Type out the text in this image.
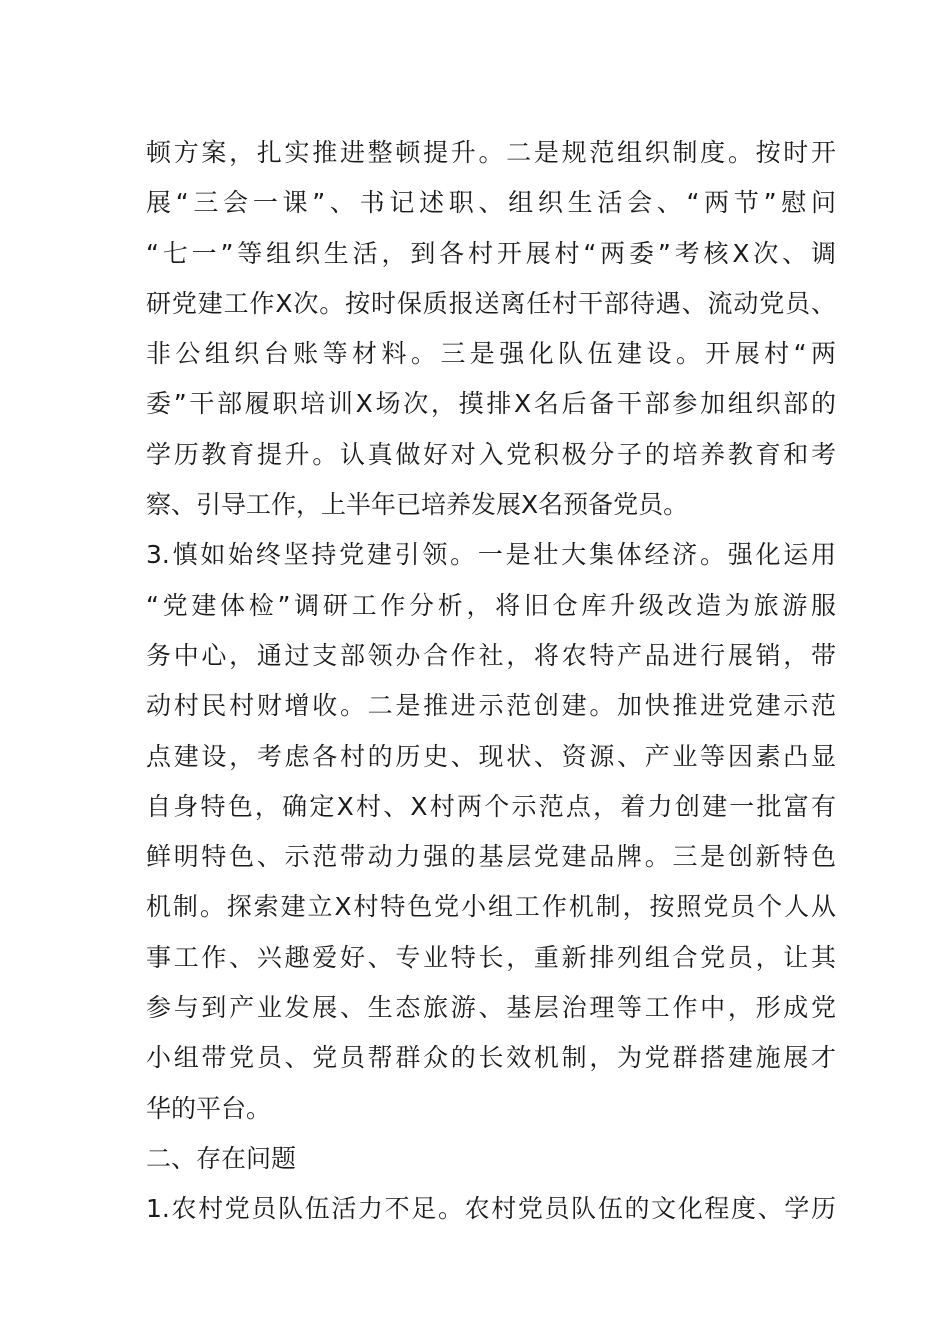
顿方案，扎实推进整顿提升。二是规范组织制度。按时开
展“三会一课”、书记述职、组织生活会、“两节”慰问
“七一”等组织生活，到各村开展村“两委”考核X次、调
研党建工作X次。按时保质报送离任村干部待遇、流动党员、
非公组织台账等材料。三是强化队伍建设。开展村“两
委”干部履职培训X场次，摸排X名后备干部参加组织部的
学历教育提升。认真做好对入党积极分子的培养教育和考
察、引导工作，上半年已培养发展X名预备党员。
3.慎如始终坚持党建引领。一是壮大集体经济。强化运用
“党建体检”调研工作分析，将旧仓库升级改造为旅游服
务中心，通过支部领办合作社，将农特产品进行展销，带
动村民村财增收。二是推进示范创建。加快推进党建示范
点建设，考虑各村的历史、现状、资源、产业等因素凸显
自身特色，确定X村、X村两个示范点，着力创建一批富有
鲜明特色、示范带动力强的基层党建品牌。三是创新特色
机制。探索建立X村特色党小组工作机制，按照党员个人从
事工作、兴趣爱好、专业特长，重新排列组合党员，让其
参与到产业发展、生态旅游、基层治理等工作中，形成党
小组带党员、党员帮群众的长效机制，为党群搭建施展才
华的平台。
二、存在问题
1.农村党员队伍活力不足。农村党员队伍的文化程度、学历
